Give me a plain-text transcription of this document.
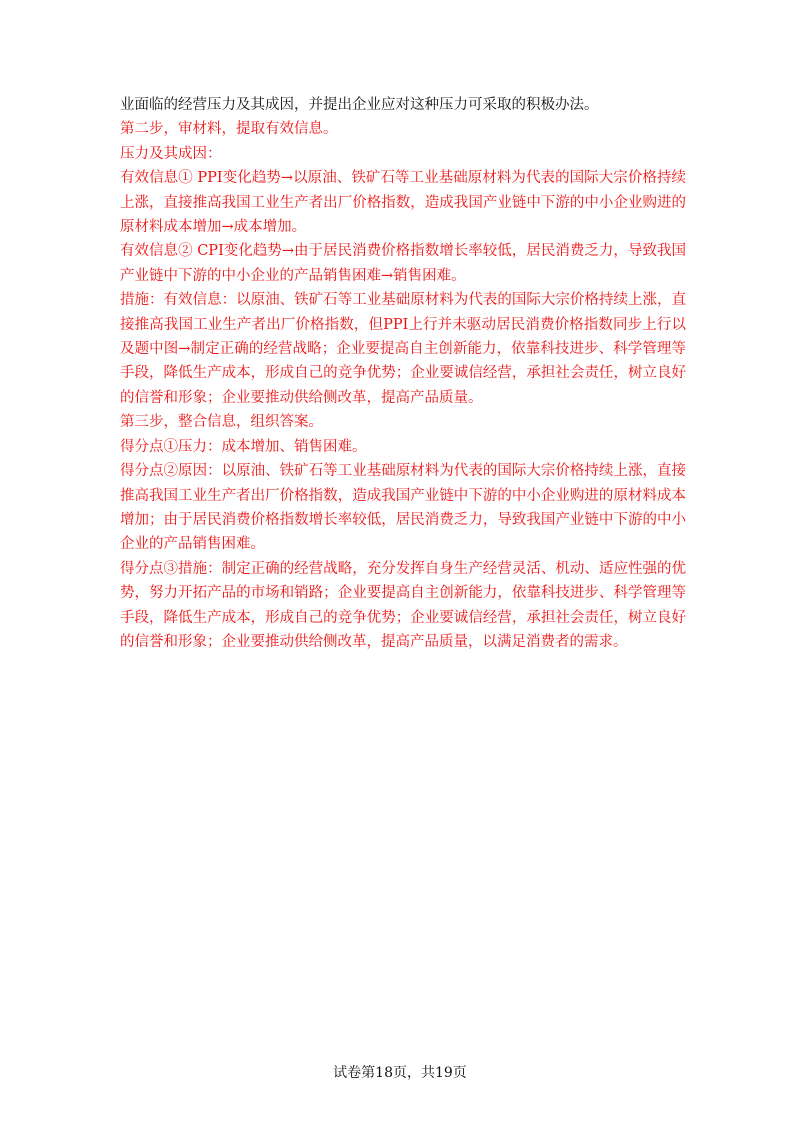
业面临的经营压力及其成因，并提出企业应对这种压力可采取的积极办法。

第二步，审材料，提取有效信息。

压力及其成因：

有效信息① PPI变化趋势→以原油、铁矿石等工业基础原材料为代表的国际大宗价格持续上涨，直接推高我国工业生产者出厂价格指数，造成我国产业链中下游的中小企业购进的原材料成本增加→成本增加。

有效信息② CPI变化趋势→由于居民消费价格指数增长率较低，居民消费乏力，导致我国产业链中下游的中小企业的产品销售困难→销售困难。

措施：有效信息：以原油、铁矿石等工业基础原材料为代表的国际大宗价格持续上涨，直接推高我国工业生产者出厂价格指数，但PPI上行并未驱动居民消费价格指数同步上行以及题中图→制定正确的经营战略；企业要提高自主创新能力，依靠科技进步、科学管理等手段，降低生产成本，形成自己的竞争优势；企业要诚信经营，承担社会责任，树立良好的信誉和形象；企业要推动供给侧改革，提高产品质量。

第三步，整合信息，组织答案。

得分点①压力：成本增加、销售困难。

得分点②原因：以原油、铁矿石等工业基础原材料为代表的国际大宗价格持续上涨，直接推高我国工业生产者出厂价格指数，造成我国产业链中下游的中小企业购进的原材料成本增加；由于居民消费价格指数增长率较低，居民消费乏力，导致我国产业链中下游的中小企业的产品销售困难。

得分点③措施：制定正确的经营战略，充分发挥自身生产经营灵活、机动、适应性强的优势，努力开拓产品的市场和销路；企业要提高自主创新能力，依靠科技进步、科学管理等手段，降低生产成本，形成自己的竞争优势；企业要诚信经营，承担社会责任，树立良好的信誉和形象；企业要推动供给侧改革，提高产品质量，以满足消费者的需求。

试卷第18页，共19页
